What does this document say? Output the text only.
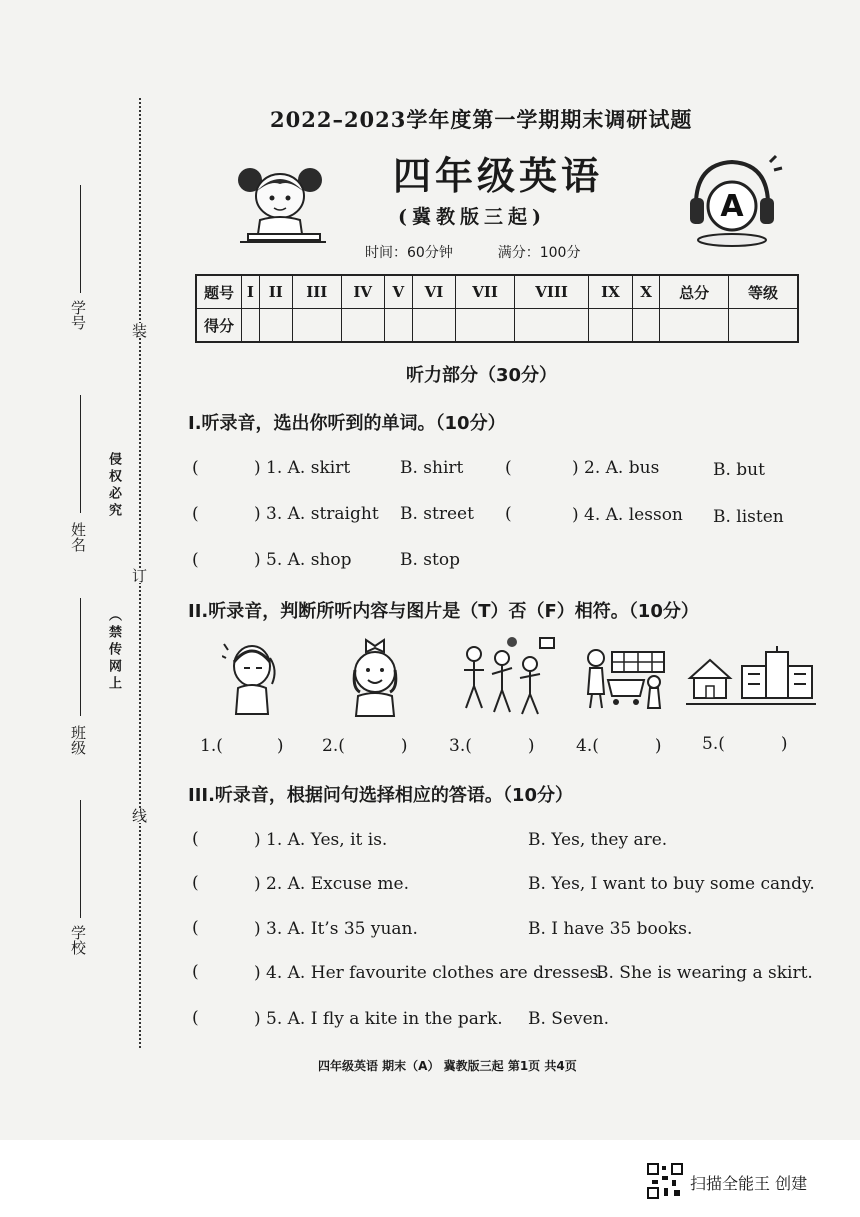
装
订
线
学号
姓名
侵权必究
（禁传网上
班级
学校
2022–2023学年度第一学期期末调研试题
四年级英语
(冀教版三起)
时间：60分钟	满分：100分
A
题号	I	II	III	IV	V	VI	VII	VIII	IX	X	总分	等级
得分												
听力部分（30分）
I.听录音，选出你听到的单词。（10分）
(	) 1. A. skirt	B. shirt (	) 2. A. bus	B. but
(	) 3. A. straight B. street (	) 4. A. lesson B. listen
(	) 5. A. shop	B. stop
II.听录音，判断所听内容与图片是（T）否（F）相符。（10分）
1.(	) 2.(	) 3.(	) 4.(	) 5.(	)
III.听录音，根据问句选择相应的答语。（10分）
(	) 1. A. Yes, it is.	B. Yes, they are.
(	) 2. A. Excuse me.	B. Yes, I want to buy some candy.
(	) 3. A. It’s 35 yuan.	B. I have 35 books.
(	) 4. A. Her favourite clothes are dresses.
B. She is wearing a skirt.
(	) 5. A. I fly a kite in the park. B. Seven.
四年级英语 期末（A） 冀教版三起 第1页 共4页
扫描全能王 创建
